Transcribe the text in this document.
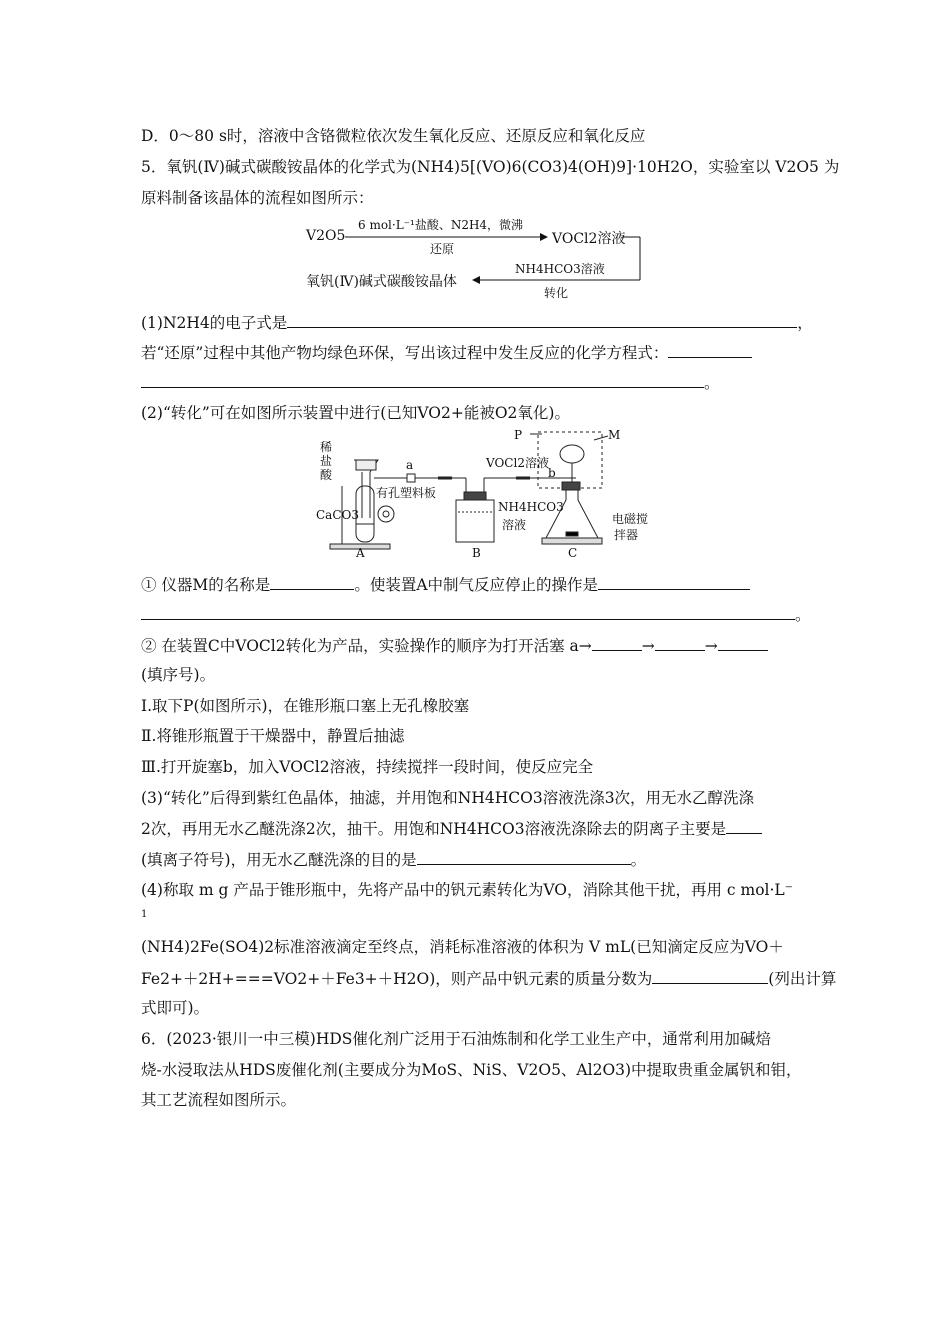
D．0～80 s时，溶液中含铬微粒依次发生氧化反应、还原反应和氧化反应
5．氧钒(Ⅳ)碱式碳酸铵晶体的化学式为(NH4)5[(VO)6(CO3)4(OH)9]·10H2O，实验室以 V2O5 为
原料制备该晶体的流程如图所示：
V2O5
6 mol·L⁻¹盐酸、N2H4，微沸
还原
VOCl2溶液
NH4HCO3溶液
转化
氧钒(Ⅳ)碱式碳酸铵晶体
(1)N2H4的电子式是	，
若“还原”过程中其他产物均绿色环保，写出该过程中发生反应的化学方程式：
。
(2)“转化”可在如图所示装置中进行(已知VO2+能被O2氧化)。
稀
盐
酸
有孔塑料板
CaCO3
a	VOCl2溶液
P	M
b
NH4HCO3
溶液	电磁搅
拌器
A	B	C
① 仪器M的名称是	。使装置A中制气反应停止的操作是
。
② 在装置C中VOCl2转化为产品，实验操作的顺序为打开活塞 a→	→	→
(填序号)。
Ⅰ.取下P(如图所示)，在锥形瓶口塞上无孔橡胶塞
Ⅱ.将锥形瓶置于干燥器中，静置后抽滤
Ⅲ.打开旋塞b，加入VOCl2溶液，持续搅拌一段时间，使反应完全
(3)“转化”后得到紫红色晶体，抽滤，并用饱和NH4HCO3溶液洗涤3次，用无水乙醇洗涤
2次，再用无水乙醚洗涤2次，抽干。用饱和NH4HCO3溶液洗涤除去的阴离子主要是
(填离子符号)，用无水乙醚洗涤的目的是	。
(4)称取 m g 产品于锥形瓶中，先将产品中的钒元素转化为VO，消除其他干扰，再用 c mol·L⁻
1
(NH4)2Fe(SO4)2标准溶液滴定至终点，消耗标准溶液的体积为 V mL(已知滴定反应为VO＋
Fe2+＋2H+===VO2+＋Fe3+＋H2O)，则产品中钒元素的质量分数为	(列出计算
式即可)。
6．(2023·银川一中三模)HDS催化剂广泛用于石油炼制和化学工业生产中，通常利用加碱焙
烧-水浸取法从HDS废催化剂(主要成分为MoS、NiS、V2O5、Al2O3)中提取贵重金属钒和钼，
其工艺流程如图所示。
